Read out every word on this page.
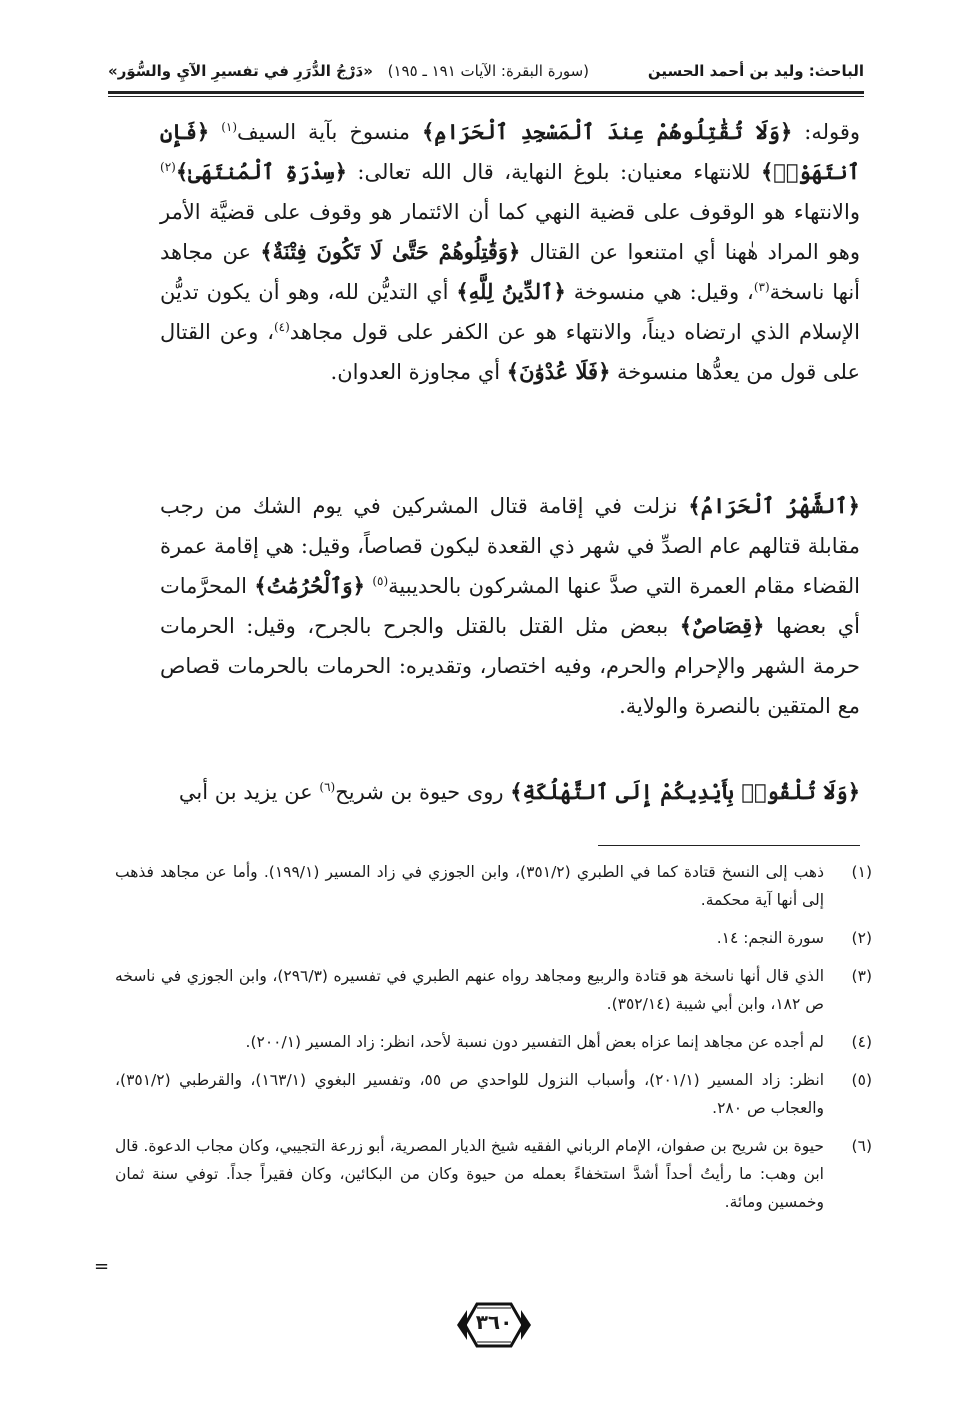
الباحث: وليد بن أحمد الحسين
(سورة البقرة: الآيات ١٩١ ـ ١٩٥)
«دَرْجُ الدُّرَرِ في تفسيرِ الآيِ والسُّوَر»

وقوله: ﴿وَلَا تُقَٰتِلُوهُمْ عِندَ ٱلْمَسْجِدِ ٱلْحَرَامِ﴾ منسوخ بآية السيف$^{(١)}$ ﴿فَإِنِ ٱنتَهَوْا۟﴾ للانتهاء معنيان: بلوغ النهاية، قال الله تعالى: ﴿سِدْرَةِ ٱلْمُنتَهَىٰ﴾$^{(٢)}$ والانتهاء هو الوقوف على قضية النهي كما أن الائتمار هو وقوف على قضيَّة الأمر وهو المراد هٰهنا أي امتنعوا عن القتال ﴿وَقَٰتِلُوهُمْ حَتَّىٰ لَا تَكُونَ فِتْنَةٌ﴾ عن مجاهد أنها ناسخة$^{(٣)}$، وقيل: هي منسوخة ﴿ٱلدِّينُ لِلَّهِ﴾ أي التديُّن لله، وهو أن يكون تديُّن الإسلام الذي ارتضاه ديناً، والانتهاء هو عن الكفر على قول مجاهد$^{(٤)}$، وعن القتال على قول من يعدُّها منسوخة ﴿فَلَا عُدْوَٰنَ﴾ أي مجاوزة العدوان.

﴿ٱلشَّهْرُ ٱلْحَرَامُ﴾ نزلت في إقامة قتال المشركين في يوم الشك من رجب مقابلة قتالهم عام الصدِّ في شهر ذي القعدة ليكون قصاصاً، وقيل: هي إقامة عمرة القضاء مقام العمرة التي صدَّ عنها المشركون بالحديبية$^{(٥)}$ ﴿وَٱلْحُرُمَٰتُ﴾ المحرَّمات أي بعضها ﴿قِصَاصٌ﴾ ببعض مثل القتل بالقتل والجرح بالجرح، وقيل: الحرمات حرمة الشهر والإحرام والحرم، وفيه اختصار، وتقديره: الحرمات بالحرمات قصاص مع المتقين بالنصرة والولاية.

﴿وَلَا تُلْقُوا۟ بِأَيْدِيكُمْ إِلَى ٱلتَّهْلُكَةِ﴾ روى حيوة بن شريح$^{(٦)}$ عن يزيد بن أبي

(١)
ذهب إلى النسخ قتادة كما في الطبري (٣٥١/٢)، وابن الجوزي في زاد المسير (١٩٩/١). وأما عن مجاهد فذهب إلى أنها آية محكمة.
(٢)
سورة النجم: ١٤.
(٣)
الذي قال أنها ناسخة هو قتادة والربيع ومجاهد رواه عنهم الطبري في تفسيره (٢٩٦/٣)، وابن الجوزي في ناسخه ص ١٨٢، وابن أبي شيبة (٣٥٢/١٤).
(٤)
لم أجده عن مجاهد إنما عزاه بعض أهل التفسير دون نسبة لأحد، انظر: زاد المسير (٢٠٠/١).
(٥)
انظر: زاد المسير (٢٠١/١)، وأسباب النزول للواحدي ص ٥٥، وتفسير البغوي (١٦٣/١)، والقرطبي (٣٥١/٢)، والعجاب ص ٢٨٠.
(٦)
حيوة بن شريح بن صفوان، الإمام الرباني الفقيه شيخ الديار المصرية، أبو زرعة التجيبي، وكان مجاب الدعوة. قال ابن وهب: ما رأيتُ أحداً أشدَّ استخفاءً بعمله من حيوة وكان من البكائين، وكان فقيراً جداً. توفي سنة ثمان وخمسين ومائة.
=
٣٦٠
